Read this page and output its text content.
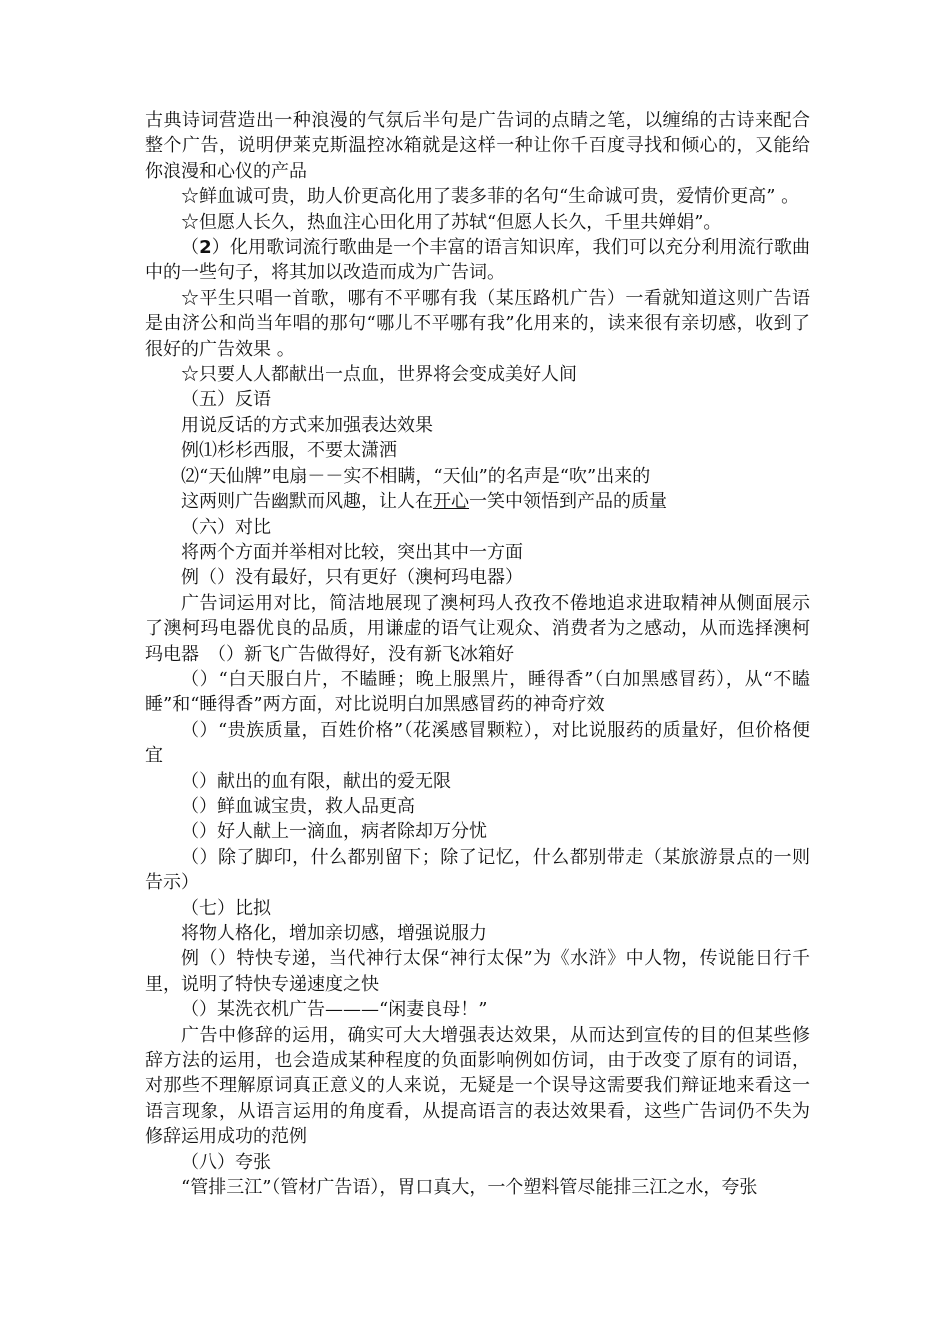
古典诗词营造出一种浪漫的气氛后半句是广告词的点睛之笔，以缠绵的古诗来配合整个广告，说明伊莱克斯温控冰箱就是这样一种让你千百度寻找和倾心的，又能给你浪漫和心仪的产品

☆鲜血诚可贵，助人价更高化用了裴多菲的名句“生命诚可贵，爱情价更高” 。

☆但愿人长久，热血注心田化用了苏轼“但愿人长久，千里共婵娟”。

（2）化用歌词流行歌曲是一个丰富的语言知识库，我们可以充分利用流行歌曲中的一些句子，将其加以改造而成为广告词。

☆平生只唱一首歌，哪有不平哪有我（某压路机广告）一看就知道这则广告语是由济公和尚当年唱的那句“哪儿不平哪有我”化用来的，读来很有亲切感，收到了很好的广告效果 。

☆只要人人都献出一点血，世界将会变成美好人间

（五）反语

用说反话的方式来加强表达效果

例⑴杉杉西服，不要太潇洒

⑵“天仙牌”电扇－－实不相瞒，“天仙”的名声是“吹”出来的

这两则广告幽默而风趣，让人在开心一笑中领悟到产品的质量

（六）对比

将两个方面并举相对比较，突出其中一方面

例（）没有最好，只有更好（澳柯玛电器）

广告词运用对比，简洁地展现了澳柯玛人孜孜不倦地追求进取精神从侧面展示了澳柯玛电器优良的品质，用谦虚的语气让观众、消费者为之感动，从而选择澳柯玛电器　（）新飞广告做得好，没有新飞冰箱好

（）“白天服白片，不瞌睡；晚上服黑片，睡得香”（白加黑感冒药），从“不瞌睡”和“睡得香”两方面，对比说明白加黑感冒药的神奇疗效

（）“贵族质量，百姓价格”（花溪感冒颗粒），对比说服药的质量好，但价格便宜

（）献出的血有限，献出的爱无限

（）鲜血诚宝贵，救人品更高

（）好人献上一滴血，病者除却万分忧

（）除了脚印，什么都别留下；除了记忆，什么都别带走（某旅游景点的一则告示）

（七）比拟

将物人格化，增加亲切感，增强说服力

例（）特快专递，当代神行太保“神行太保”为《水浒》中人物，传说能日行千里，说明了特快专递速度之快

（）某洗衣机广告———“闲妻良母！”

广告中修辞的运用，确实可大大增强表达效果，从而达到宣传的目的但某些修辞方法的运用，也会造成某种程度的负面影响例如仿词，由于改变了原有的词语，对那些不理解原词真正意义的人来说，无疑是一个误导这需要我们辩证地来看这一语言现象，从语言运用的角度看，从提高语言的表达效果看，这些广告词仍不失为修辞运用成功的范例

（八）夸张

“管排三江”（管材广告语），胃口真大，一个塑料管尽能排三江之水，夸张
